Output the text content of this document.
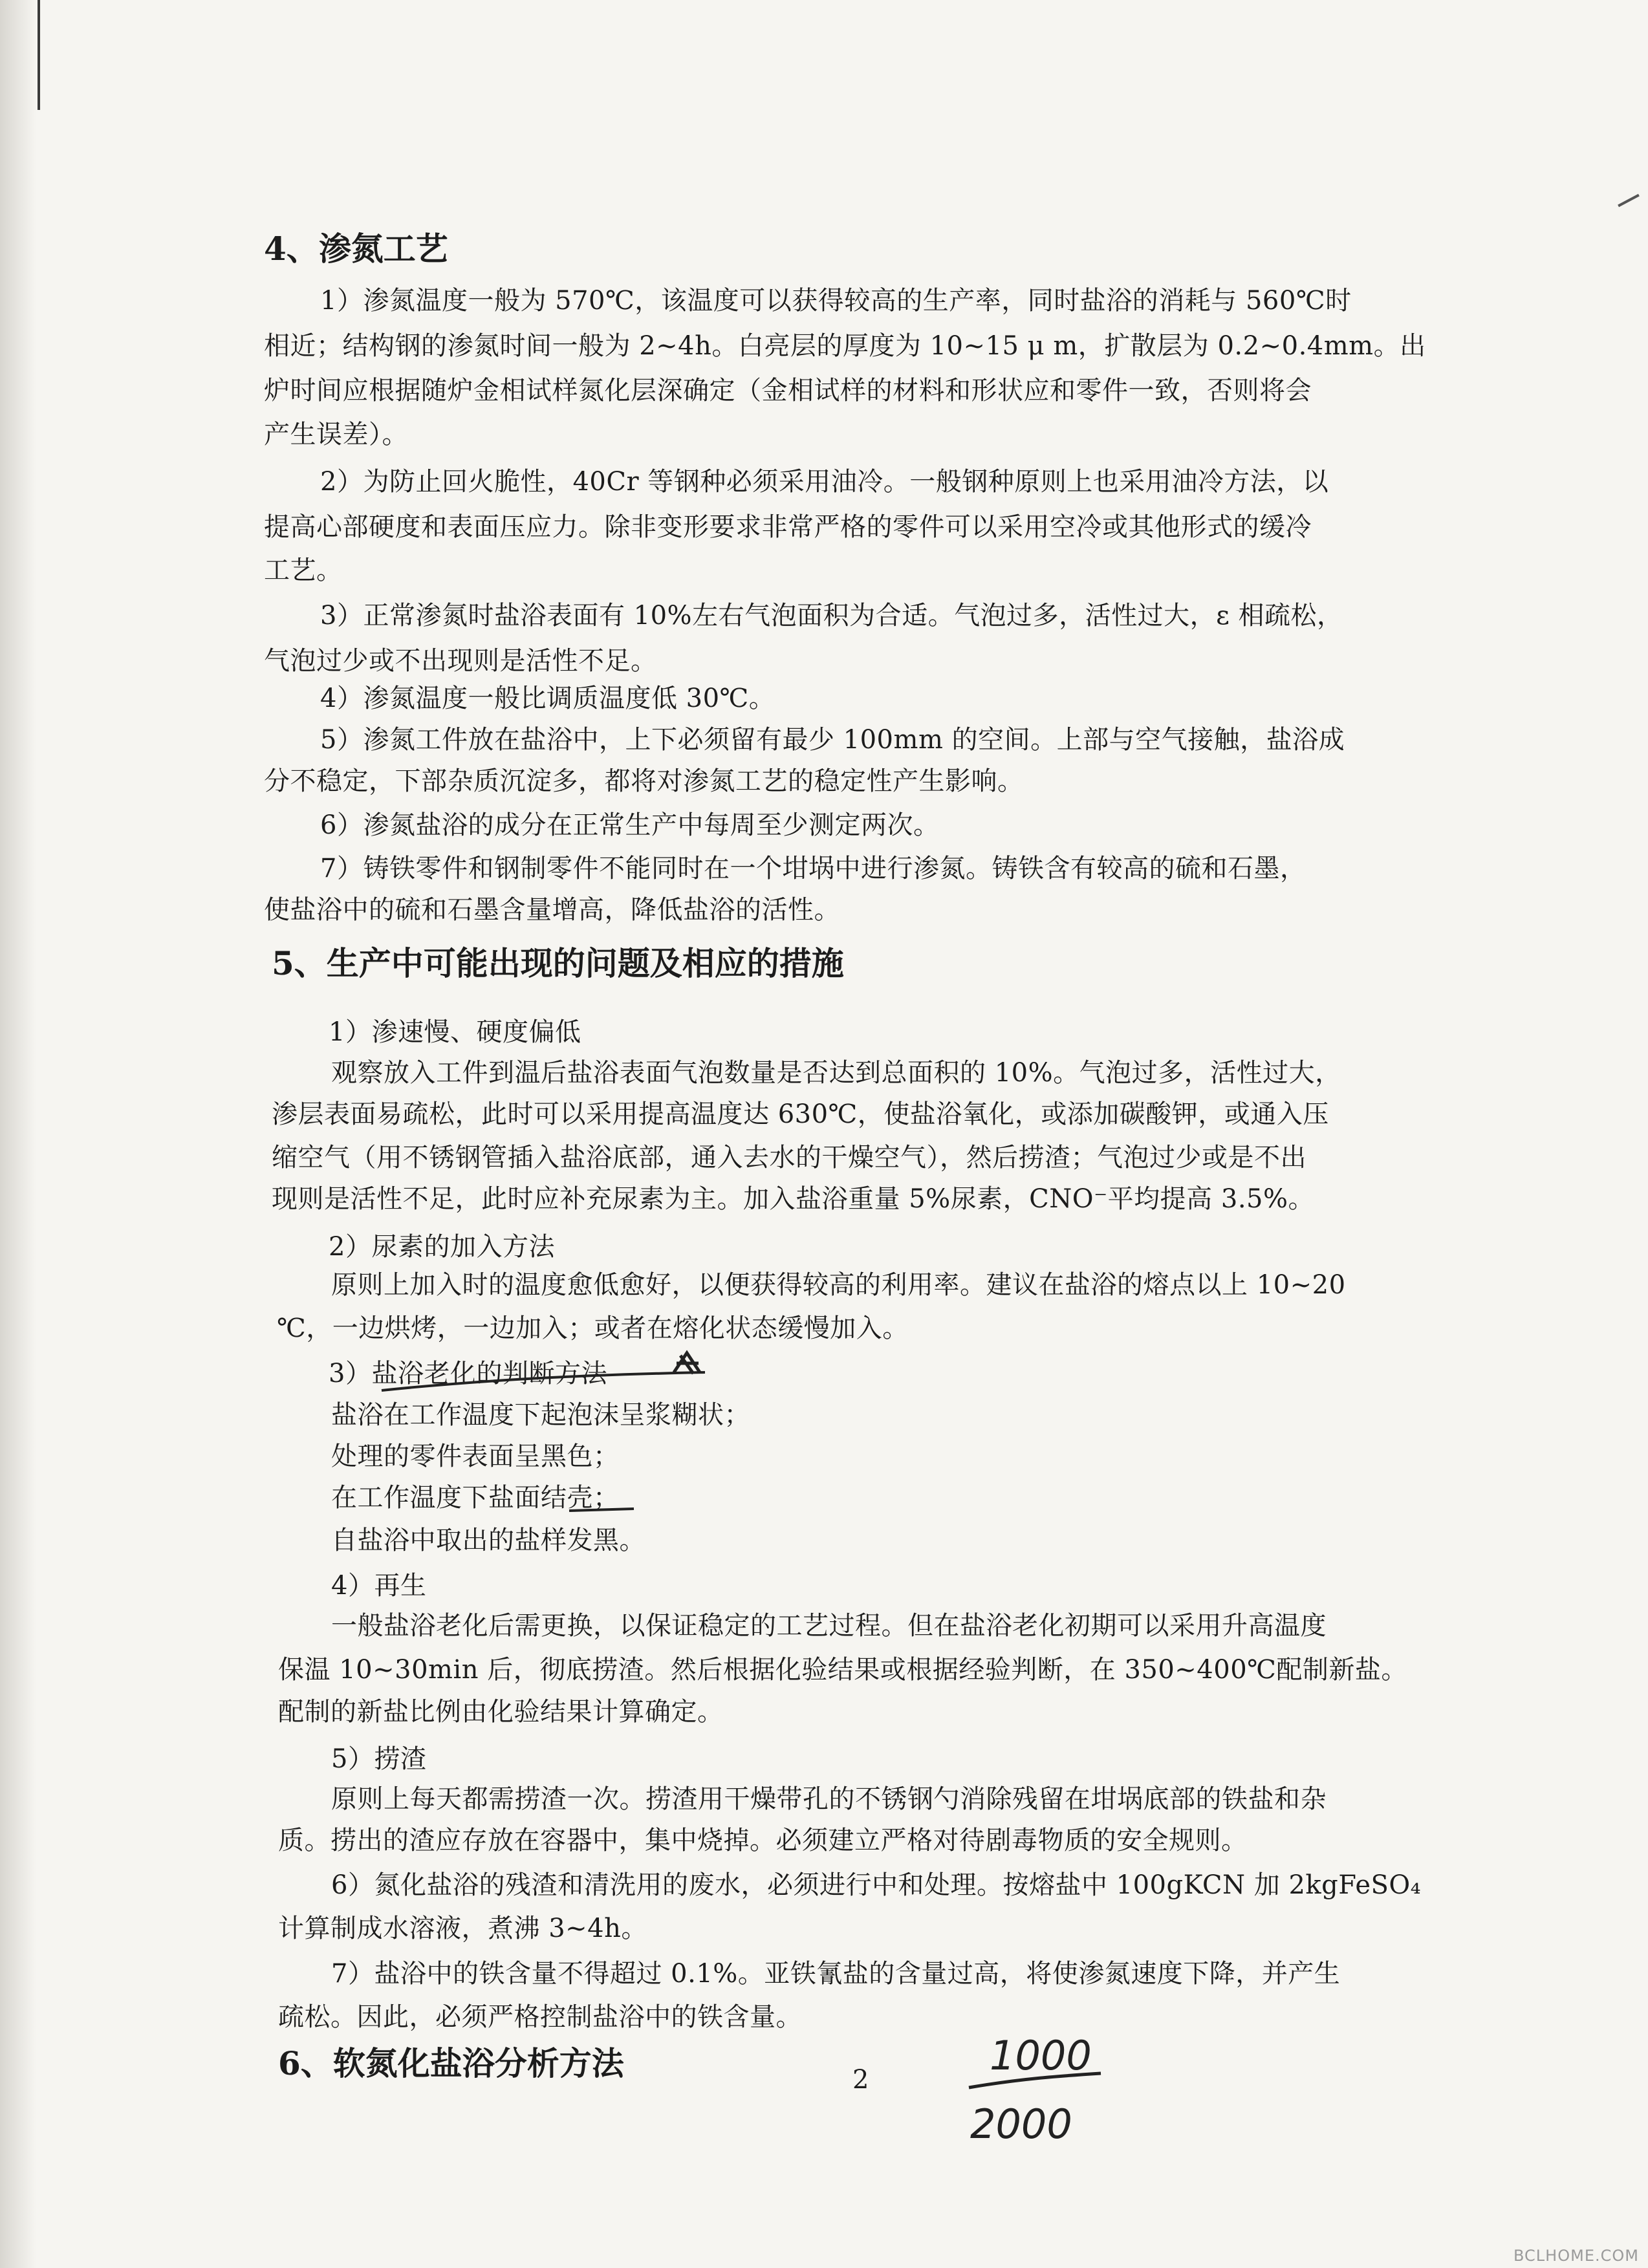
4、渗氮工艺
1）渗氮温度一般为 570℃，该温度可以获得较高的生产率，同时盐浴的消耗与 560℃时
相近；结构钢的渗氮时间一般为 2~4h。白亮层的厚度为 10~15 μ m，扩散层为 0.2~0.4mm。出
炉时间应根据随炉金相试样氮化层深确定（金相试样的材料和形状应和零件一致，否则将会
产生误差）。
2）为防止回火脆性，40Cr 等钢种必须采用油冷。一般钢种原则上也采用油冷方法，以
提高心部硬度和表面压应力。除非变形要求非常严格的零件可以采用空冷或其他形式的缓冷
工艺。
3）正常渗氮时盐浴表面有 10%左右气泡面积为合适。气泡过多，活性过大，ε 相疏松，
气泡过少或不出现则是活性不足。
4）渗氮温度一般比调质温度低 30℃。
5）渗氮工件放在盐浴中，上下必须留有最少 100mm 的空间。上部与空气接触，盐浴成
分不稳定，下部杂质沉淀多，都将对渗氮工艺的稳定性产生影响。
6）渗氮盐浴的成分在正常生产中每周至少测定两次。
7）铸铁零件和钢制零件不能同时在一个坩埚中进行渗氮。铸铁含有较高的硫和石墨，
使盐浴中的硫和石墨含量增高，降低盐浴的活性。
5、生产中可能出现的问题及相应的措施
1）渗速慢、硬度偏低
观察放入工件到温后盐浴表面气泡数量是否达到总面积的 10%。气泡过多，活性过大，
渗层表面易疏松，此时可以采用提高温度达 630℃，使盐浴氧化，或添加碳酸钾，或通入压
缩空气（用不锈钢管插入盐浴底部，通入去水的干燥空气），然后捞渣；气泡过少或是不出
现则是活性不足，此时应补充尿素为主。加入盐浴重量 5%尿素，CNO⁻平均提高 3.5%。
2）尿素的加入方法
原则上加入时的温度愈低愈好，以便获得较高的利用率。建议在盐浴的熔点以上 10~20
℃，一边烘烤，一边加入；或者在熔化状态缓慢加入。
3）盐浴老化的判断方法
盐浴在工作温度下起泡沫呈浆糊状；
处理的零件表面呈黑色；
在工作温度下盐面结壳；
自盐浴中取出的盐样发黑。
4）再生
一般盐浴老化后需更换，以保证稳定的工艺过程。但在盐浴老化初期可以采用升高温度
保温 10~30min 后，彻底捞渣。然后根据化验结果或根据经验判断，在 350~400℃配制新盐。
配制的新盐比例由化验结果计算确定。
5）捞渣
原则上每天都需捞渣一次。捞渣用干燥带孔的不锈钢勺消除残留在坩埚底部的铁盐和杂
质。捞出的渣应存放在容器中，集中烧掉。必须建立严格对待剧毒物质的安全规则。
6）氮化盐浴的残渣和清洗用的废水，必须进行中和处理。按熔盐中 100gKCN 加 2kgFeSO₄
计算制成水溶液，煮沸 3~4h。
7）盐浴中的铁含量不得超过 0.1%。亚铁氰盐的含量过高，将使渗氮速度下降，并产生
疏松。因此，必须严格控制盐浴中的铁含量。
6、软氮化盐浴分析方法	2
BCLHOME.COM
1000
2000
